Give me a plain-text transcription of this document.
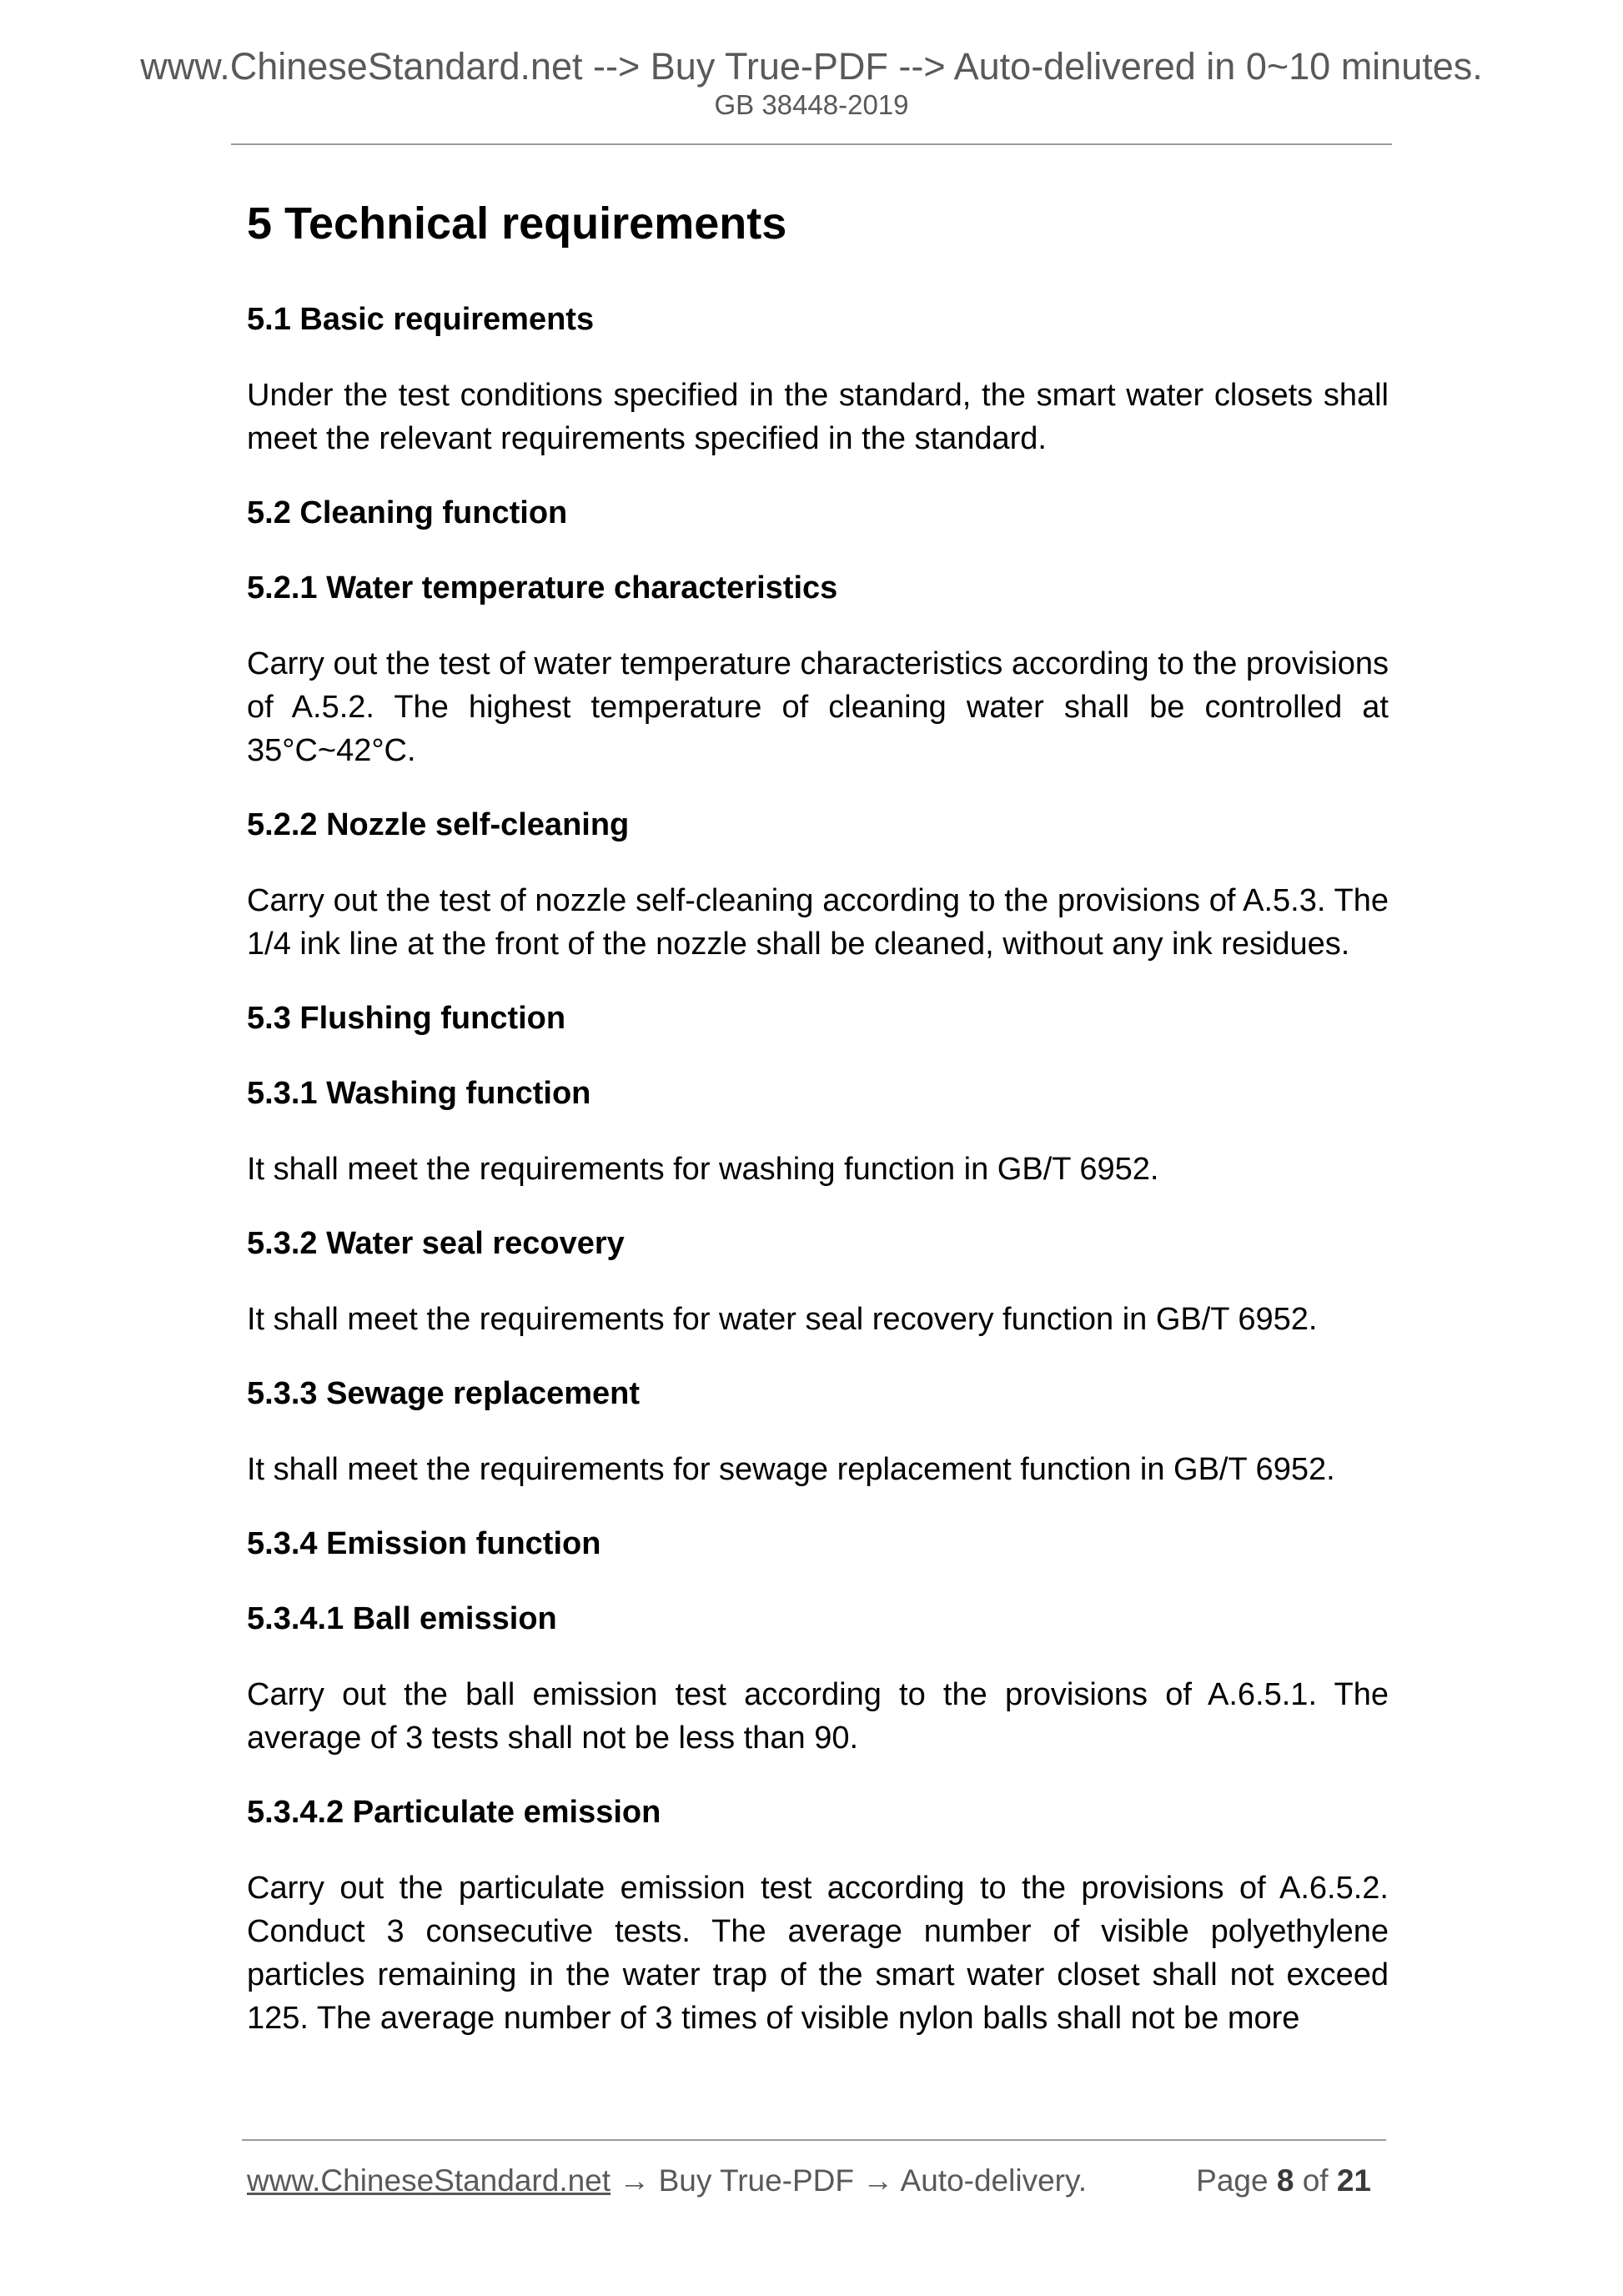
www.ChineseStandard.net --> Buy True-PDF --> Auto-delivered in 0~10 minutes.
GB 38448-2019
5 Technical requirements
5.1 Basic requirements
Under the test conditions specified in the standard, the smart water closets shall meet the relevant requirements specified in the standard.
5.2 Cleaning function
5.2.1 Water temperature characteristics
Carry out the test of water temperature characteristics according to the provisions of A.5.2. The highest temperature of cleaning water shall be controlled at 35°C~42°C.
5.2.2 Nozzle self-cleaning
Carry out the test of nozzle self-cleaning according to the provisions of A.5.3. The 1/4 ink line at the front of the nozzle shall be cleaned, without any ink residues.
5.3 Flushing function
5.3.1 Washing function
It shall meet the requirements for washing function in GB/T 6952.
5.3.2 Water seal recovery
It shall meet the requirements for water seal recovery function in GB/T 6952.
5.3.3 Sewage replacement
It shall meet the requirements for sewage replacement function in GB/T 6952.
5.3.4 Emission function
5.3.4.1 Ball emission
Carry out the ball emission test according to the provisions of A.6.5.1. The average of 3 tests shall not be less than 90.
5.3.4.2 Particulate emission
Carry out the particulate emission test according to the provisions of A.6.5.2. Conduct 3 consecutive tests. The average number of visible polyethylene particles remaining in the water trap of the smart water closet shall not exceed 125. The average number of 3 times of visible nylon balls shall not be more
www.ChineseStandard.net → Buy True-PDF → Auto-delivery.	Page 8 of 21
